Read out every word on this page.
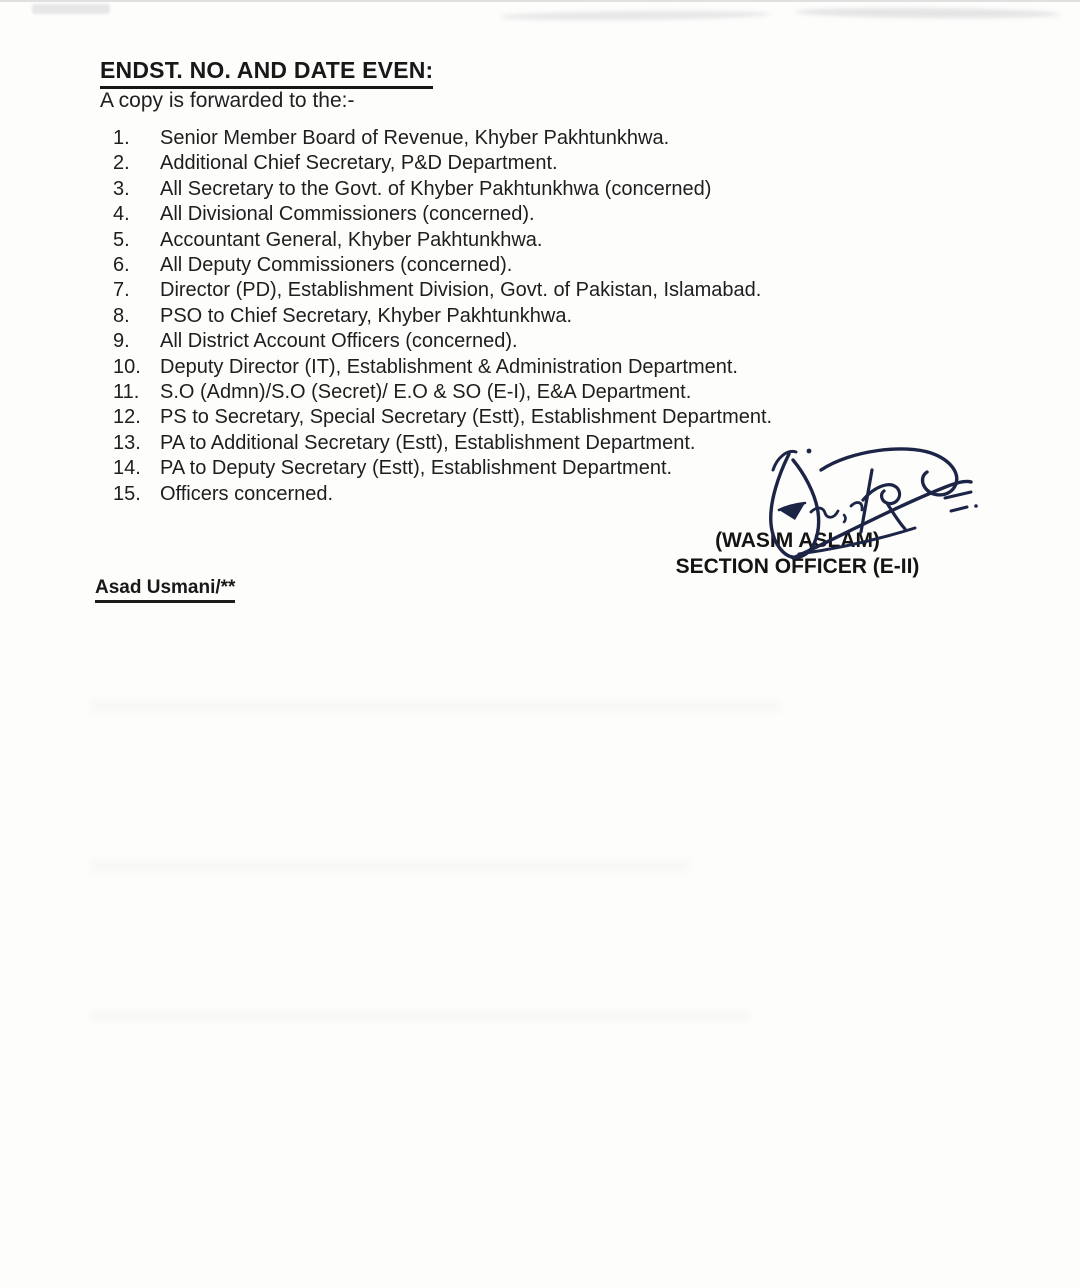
ENDST. NO. AND DATE EVEN:
A copy is forwarded to the:-
1.	Senior Member Board of Revenue, Khyber Pakhtunkhwa.
2.	Additional Chief Secretary, P&D Department.
3.	All Secretary to the Govt. of Khyber Pakhtunkhwa (concerned)
4.	All Divisional Commissioners (concerned).
5.	Accountant General, Khyber Pakhtunkhwa.
6.	All Deputy Commissioners (concerned).
7.	Director (PD), Establishment Division, Govt. of Pakistan, Islamabad.
8.	PSO to Chief Secretary, Khyber Pakhtunkhwa.
9.	All District Account Officers (concerned).
10. Deputy Director (IT), Establishment & Administration Department.
11.	S.O (Admn)/S.O (Secret)/ E.O & SO (E-I), E&A Department.
12. PS to Secretary, Special Secretary (Estt), Establishment Department.
13. PA to Additional Secretary (Estt), Establishment Department.
14. PA to Deputy Secretary (Estt), Establishment Department.
15. Officers concerned.
(WASIM ASLAM)
SECTION OFFICER (E-II)
Asad Usmani/**
